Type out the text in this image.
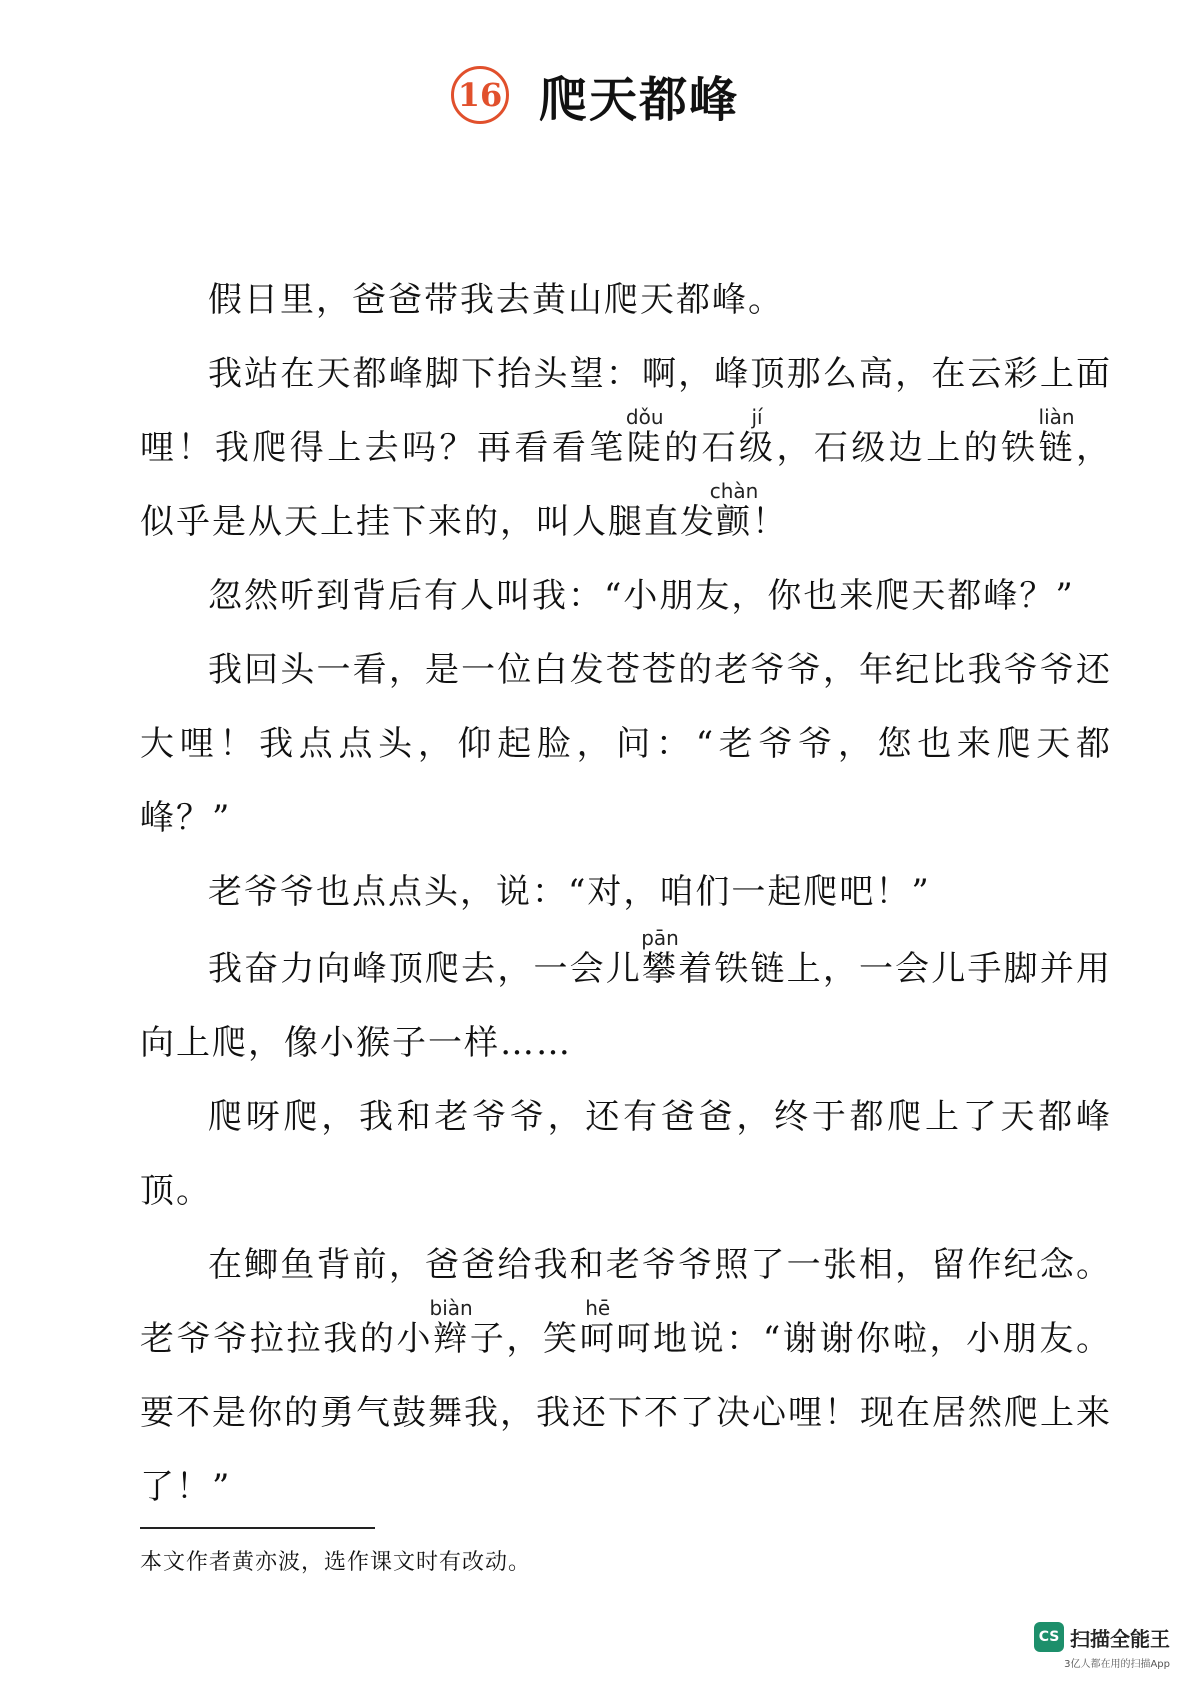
16 爬天都峰

假日里，爸爸带我去黄山爬天都峰。

我站在天都峰脚下抬头望：啊，峰顶那么高，在云彩上面哩！我爬得上去吗？再看看笔陡dǒu的石级jí，石级边上的铁链liàn，似乎是从天上挂下来的，叫人腿直发颤chàn！

忽然听到背后有人叫我：“小朋友，你也来爬天都峰？”

我回头一看，是一位白发苍苍的老爷爷，年纪比我爷爷还大哩！我点点头，仰起脸，问：“老爷爷，您也来爬天都峰？”

老爷爷也点点头，说：“对，咱们一起爬吧！”

我奋力向峰顶爬去，一会儿攀pān着铁链上，一会儿手脚并用向上爬，像小猴子一样……

爬呀爬，我和老爷爷，还有爸爸，终于都爬上了天都峰顶。

在鲫鱼背前，爸爸给我和老爷爷照了一张相，留作纪念。老爷爷拉拉我的小辫biàn子，笑呵hē呵地说：“谢谢你啦，小朋友。要不是你的勇气鼓舞我，我还下不了决心哩！现在居然爬上来了！”

本文作者黄亦波，选作课文时有改动。
CS 扫描全能王
3亿人都在用的扫描App
